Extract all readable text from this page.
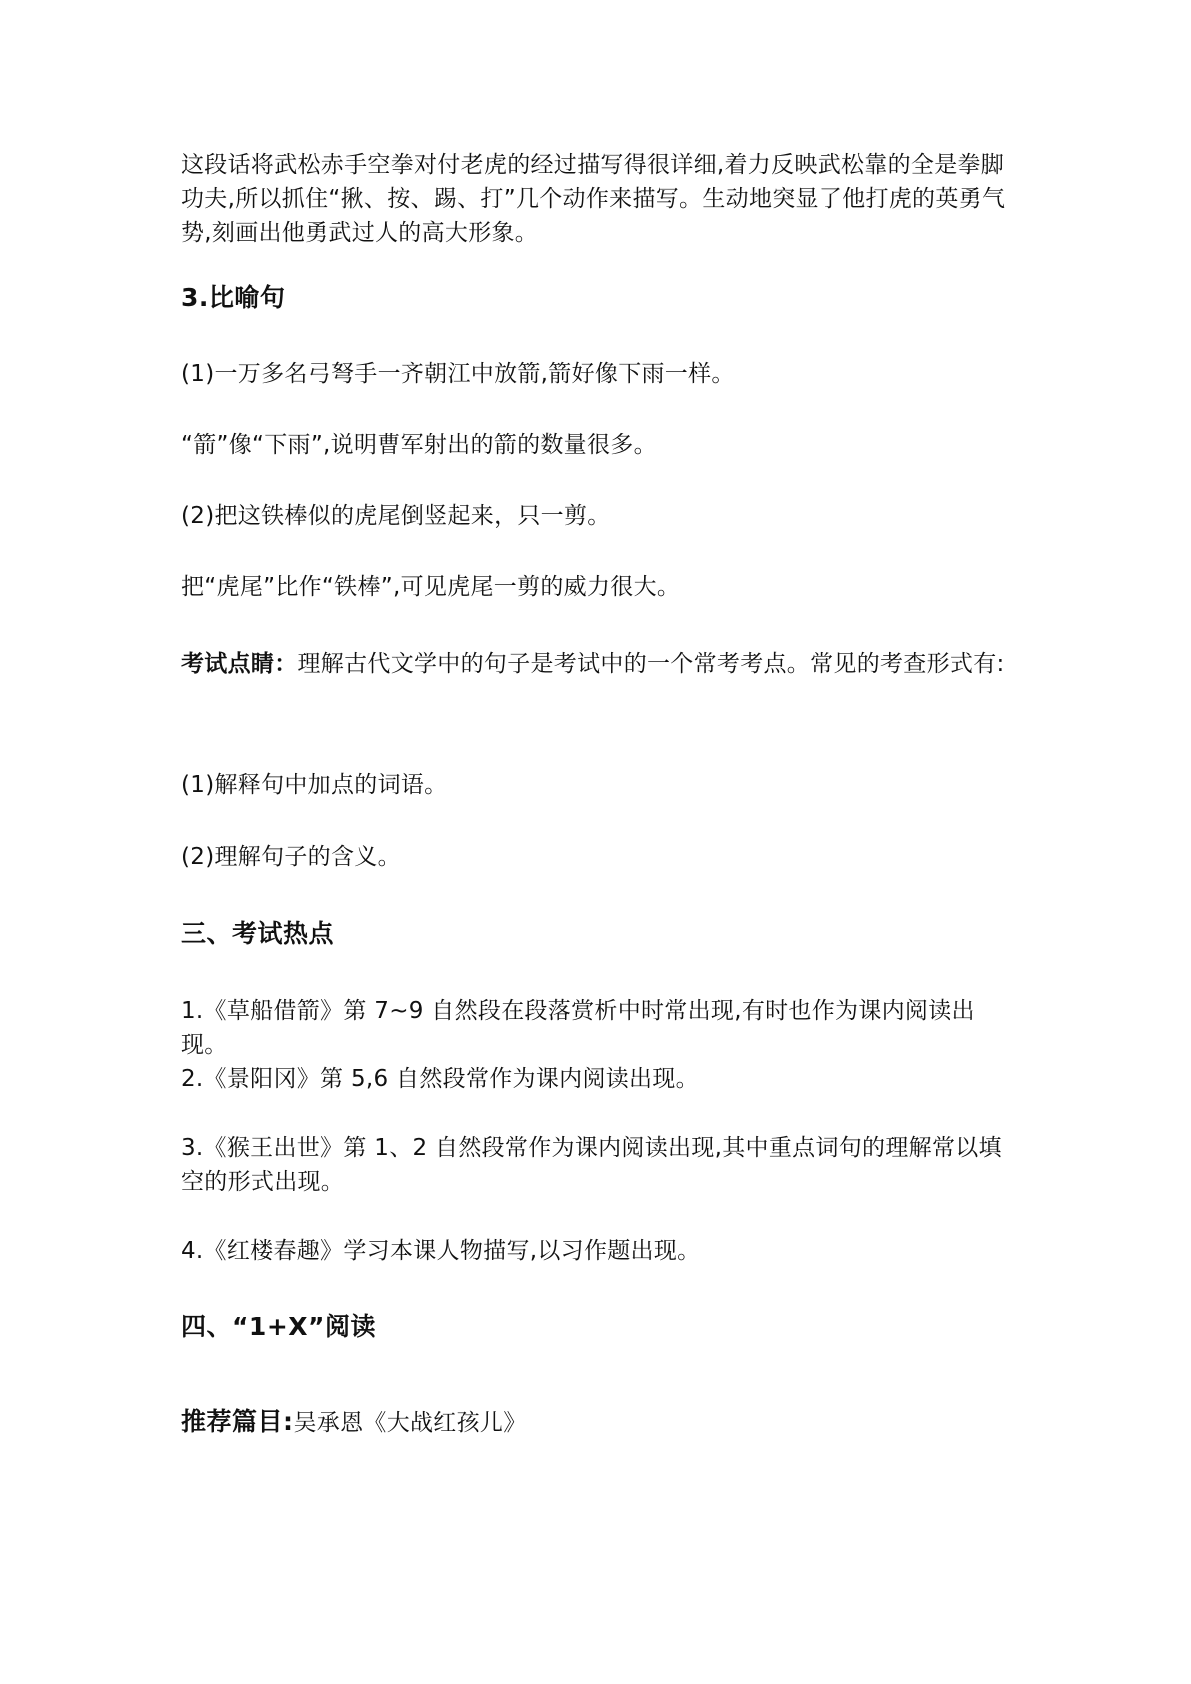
这段话将武松赤手空拳对付老虎的经过描写得很详细,着力反映武松靠的全是拳脚功夫,所以抓住“揪、按、踢、打”几个动作来描写。生动地突显了他打虎的英勇气势,刻画出他勇武过人的高大形象。

3.比喻句

(1)一万多名弓弩手一齐朝江中放箭,箭好像下雨一样。

“箭”像“下雨”,说明曹军射出的箭的数量很多。

(2)把这铁棒似的虎尾倒竖起来，只一剪。

把“虎尾”比作“铁棒”,可见虎尾一剪的威力很大。

考试点睛：理解古代文学中的句子是考试中的一个常考考点。常见的考查形式有:

(1)解释句中加点的词语。

(2)理解句子的含义。

三、考试热点

1.《草船借箭》第 7~9 自然段在段落赏析中时常出现,有时也作为课内阅读出现。

2.《景阳冈》第 5,6 自然段常作为课内阅读出现。

3.《猴王出世》第 1、2 自然段常作为课内阅读出现,其中重点词句的理解常以填空的形式出现。

4.《红楼春趣》学习本课人物描写,以习作题出现。

四、“1+X”阅读

推荐篇目:吴承恩《大战红孩儿》
